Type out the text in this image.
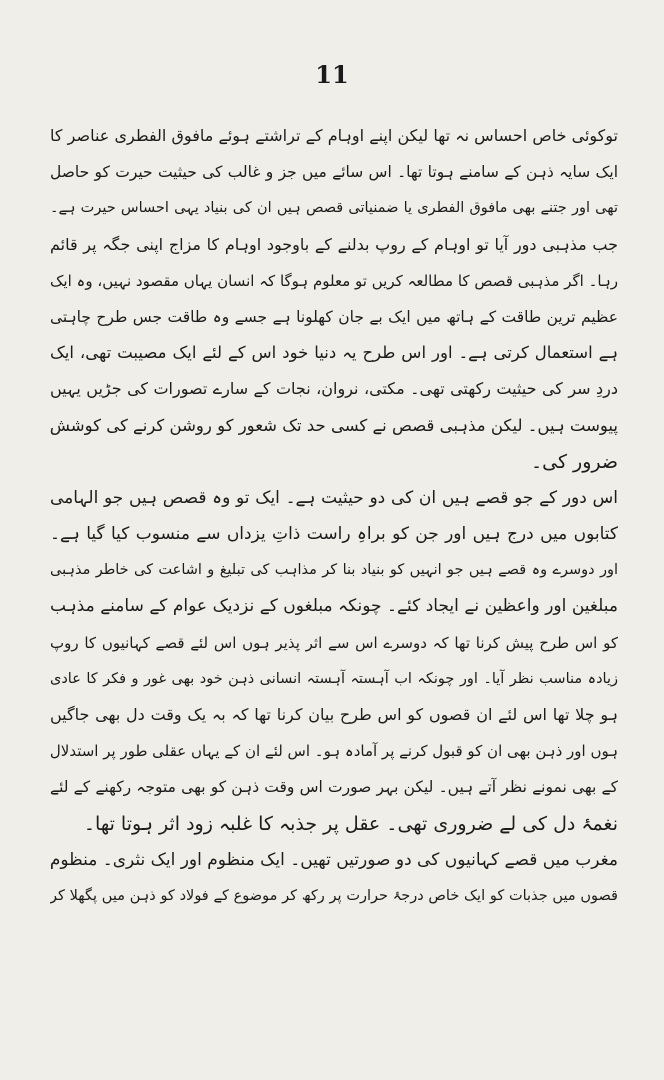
11
توکوئی خاص احساس نہ تھا لیکن اپنے اوہام کے تراشتے ہوئے مافوق الفطری عناصر کا
ایک سایہ ذہن کے سامنے ہوتا تھا۔ اس سائے میں جز و غالب کی حیثیت حیرت کو حاصل
تھی اور جتنے بھی مافوق الفطری یا ضمنیاتی قصص ہیں ان کی بنیاد یہی احساس حیرت ہے۔
جب مذہبی دور آیا تو اوہام کے روپ بدلنے کے باوجود اوہام کا مزاج اپنی جگہ پر قائم
رہا۔ اگر مذہبی قصص کا مطالعہ کریں تو معلوم ہوگا کہ انسان یہاں مقصود نہیں، وہ ایک
عظیم ترین طاقت کے ہاتھ میں ایک بے جان کھلونا ہے جسے وہ طاقت جس طرح چاہتی
ہے استعمال کرتی ہے۔ اور اس طرح یہ دنیا خود اس کے لئے ایک مصیبت تھی، ایک
دردِ سر کی حیثیت رکھتی تھی۔ مکتی، نروان، نجات کے سارے تصورات کی جڑیں یہیں
پیوست ہیں۔ لیکن مذہبی قصص نے کسی حد تک شعور کو روشن کرنے کی کوشش
ضرور کی۔
اس دور کے جو قصے ہیں ان کی دو حیثیت ہے۔ ایک تو وہ قصص ہیں جو الہامی
کتابوں میں درج ہیں اور جن کو براہِ راست ذاتِ یزداں سے منسوب کیا گیا ہے۔
اور دوسرے وہ قصے ہیں جو انہیں کو بنیاد بنا کر مذاہب کی تبلیغ و اشاعت کی خاطر مذہبی
مبلغین اور واعظین نے ایجاد کئے۔ چونکہ مبلغوں کے نزدیک عوام کے سامنے مذہب
کو اس طرح پیش کرنا تھا کہ دوسرے اس سے اثر پذیر ہوں اس لئے قصے کہانیوں کا روپ
زیادہ مناسب نظر آیا۔ اور چونکہ اب آہستہ آہستہ انسانی ذہن خود بھی غور و فکر کا عادی
ہو چلا تھا اس لئے ان قصوں کو اس طرح بیان کرنا تھا کہ بہ یک وقت دل بھی جاگیں
ہوں اور ذہن بھی ان کو قبول کرنے پر آمادہ ہو۔ اس لئے ان کے یہاں عقلی طور پر استدلال
کے بھی نمونے نظر آتے ہیں۔ لیکن بہر صورت اس وقت ذہن کو بھی متوجہ رکھنے کے لئے
نغمۂ دل کی لے ضروری تھی۔ عقل پر جذبہ کا غلبہ زود اثر ہوتا تھا۔
مغرب میں قصے کہانیوں کی دو صورتیں تھیں۔ ایک منظوم اور ایک نثری۔ منظوم
قصوں میں جذبات کو ایک خاص درجۂ حرارت پر رکھ کر موضوع کے فولاد کو ذہن میں پگھلا کر
